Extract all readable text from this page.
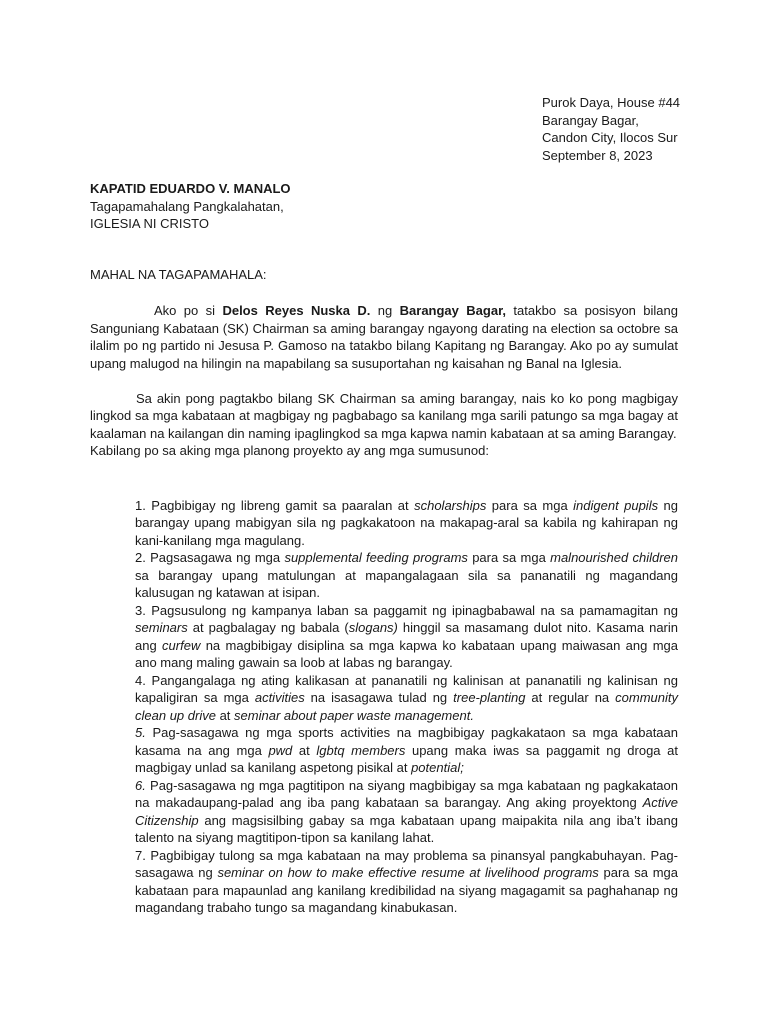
Purok Daya, House #44
Barangay Bagar,
Candon City, Ilocos Sur
September 8, 2023
KAPATID EDUARDO V. MANALO
Tagapamahalang Pangkalahatan,
IGLESIA NI CRISTO
MAHAL NA TAGAPAMAHALA:

Ako po si Delos Reyes Nuska D. ng Barangay Bagar, tatakbo sa posisyon bilang Sanguniang Kabataan (SK) Chairman sa aming barangay ngayong darating na election sa octobre sa ilalim po ng partido ni Jesusa P. Gamoso na tatakbo bilang Kapitang ng Barangay. Ako po ay sumulat upang malugod na hilingin na mapabilang sa susuportahan ng kaisahan ng Banal na Iglesia.

Sa akin pong pagtakbo bilang SK Chairman sa aming barangay, nais ko ko pong magbigay lingkod sa mga kabataan at magbigay ng pagbabago sa kanilang mga sarili patungo sa mga bagay at kaalaman na kailangan din naming ipaglingkod sa mga kapwa namin kabataan at sa aming Barangay.

Kabilang po sa aking mga planong proyekto ay ang mga sumusunod:

1. Pagbibigay ng libreng gamit sa paaralan at scholarships para sa mga indigent pupils ng barangay upang mabigyan sila ng pagkakatoon na makapag-aral sa kabila ng kahirapan ng kani-kanilang mga magulang.
2. Pagsasagawa ng mga supplemental feeding programs para sa mga malnourished children sa barangay upang matulungan at mapangalagaan sila sa pananatili ng magandang kalusugan ng katawan at isipan.
3. Pagsusulong ng kampanya laban sa paggamit ng ipinagbabawal na sa pamamagitan ng seminars at pagbalagay ng babala (slogans) hinggil sa masamang dulot nito. Kasama narin ang curfew na magbibigay disiplina sa mga kapwa ko kabataan upang maiwasan ang mga ano mang maling gawain sa loob at labas ng barangay.
4. Pangangalaga ng ating kalikasan at pananatili ng kalinisan at pananatili ng kalinisan ng kapaligiran sa mga activities na isasagawa tulad ng tree-planting at regular na community clean up drive at seminar about paper waste management.
5. Pag-sasagawa ng mga sports activities na magbibigay pagkakataon sa mga kabataan kasama na ang mga pwd at lgbtq members upang maka iwas sa paggamit ng droga at magbigay unlad sa kanilang aspetong pisikal at potential;
6. Pag-sasagawa ng mga pagtitipon na siyang magbibigay sa mga kabataan ng pagkakataon na makadaupang-palad ang iba pang kabataan sa barangay. Ang aking proyektong Active Citizenship ang magsisilbing gabay sa mga kabataan upang maipakita nila ang iba’t ibang talento na siyang magtitipon-tipon sa kanilang lahat.
7. Pagbibigay tulong sa mga kabataan na may problema sa pinansyal pangkabuhayan. Pag-sasagawa ng seminar on how to make effective resume at livelihood programs para sa mga kabataan para mapaunlad ang kanilang kredibilidad na siyang magagamit sa paghahanap ng magandang trabaho tungo sa magandang kinabukasan.
